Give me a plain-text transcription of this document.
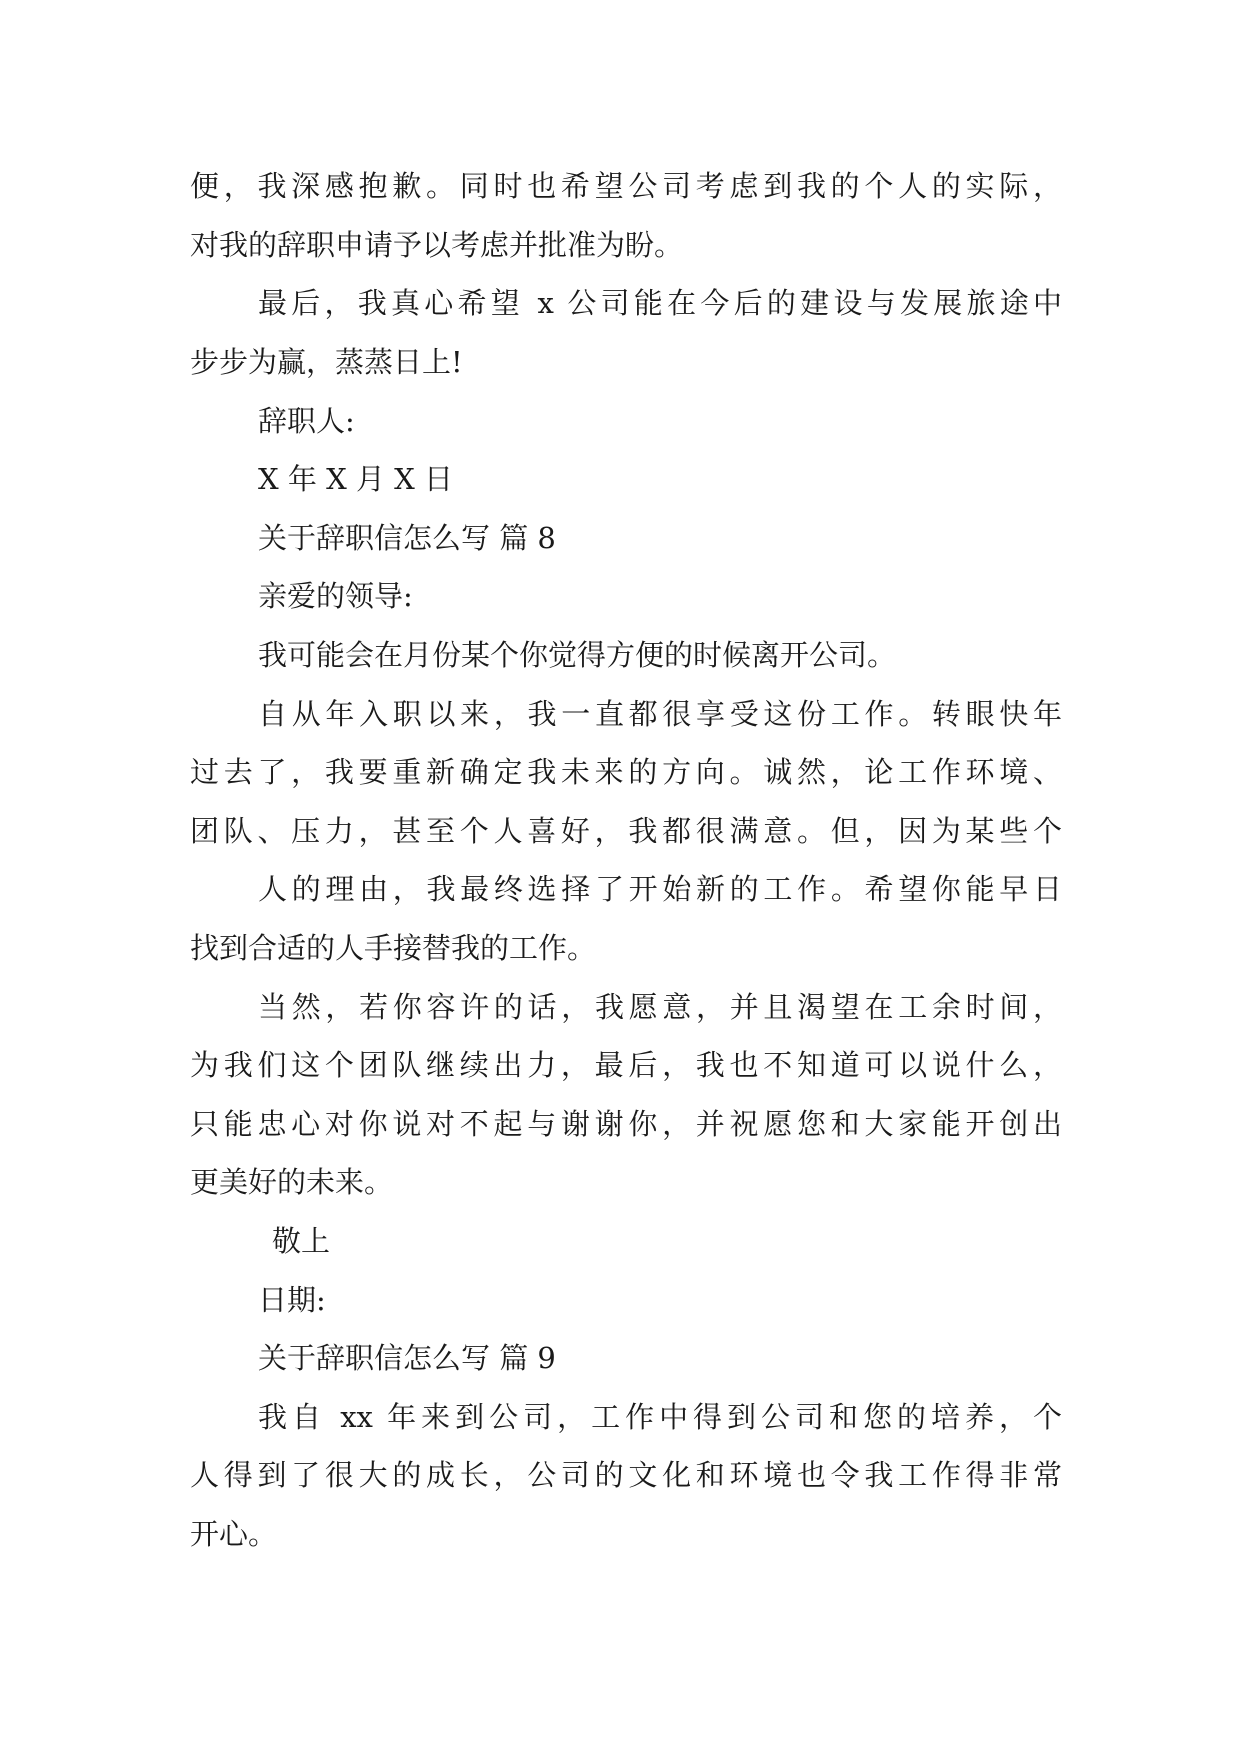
便，我深感抱歉。同时也希望公司考虑到我的个人的实际，
对我的辞职申请予以考虑并批准为盼。
最后，我真心希望 x 公司能在今后的建设与发展旅途中
步步为赢，蒸蒸日上!
辞职人:
X 年 X 月 X 日
关于辞职信怎么写 篇 8
亲爱的领导:
我可能会在月份某个你觉得方便的时候离开公司。
自从年入职以来，我一直都很享受这份工作。转眼快年
过去了，我要重新确定我未来的方向。诚然，论工作环境、
团队、压力，甚至个人喜好，我都很满意。但，因为某些个
人的理由，我最终选择了开始新的工作。希望你能早日
找到合适的人手接替我的工作。
当然，若你容许的话，我愿意，并且渴望在工余时间，
为我们这个团队继续出力，最后，我也不知道可以说什么，
只能忠心对你说对不起与谢谢你，并祝愿您和大家能开创出
更美好的未来。
敬上
日期:
关于辞职信怎么写 篇 9
我自 xx 年来到公司，工作中得到公司和您的培养，个
人得到了很大的成长，公司的文化和环境也令我工作得非常
开心。
